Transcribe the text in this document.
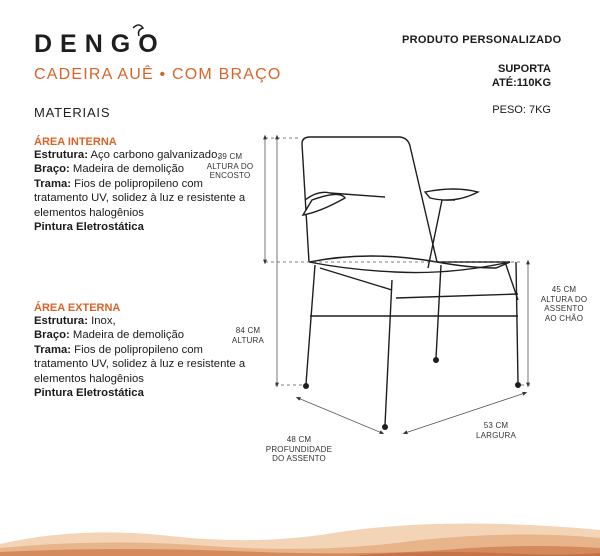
DENGO
CADEIRA AUÊ • COM BRAÇO
MATERIAIS
PRODUTO PERSONALIZADO
SUPORTA
ATÉ:110KG
PESO: 7KG
ÁREA INTERNA
Estrutura: Aço carbono galvanizado,
Braço: Madeira de demolição
Trama: Fios de polipropileno com tratamento UV, solidez à luz e resistente a elementos halogênios
Pintura Eletrostática
ÁREA EXTERNA
Estrutura: Inox,
Braço: Madeira de demolição
Trama: Fios de polipropileno com tratamento UV, solidez à luz e resistente a elementos halogênios
Pintura Eletrostática
39 CM
ALTURA DO
ENCOSTO
84 CM
ALTURA
45 CM
ALTURA DO
ASSENTO
AO CHÃO
48 CM
PROFUNDIDADE
DO ASSENTO
53 CM
LARGURA
